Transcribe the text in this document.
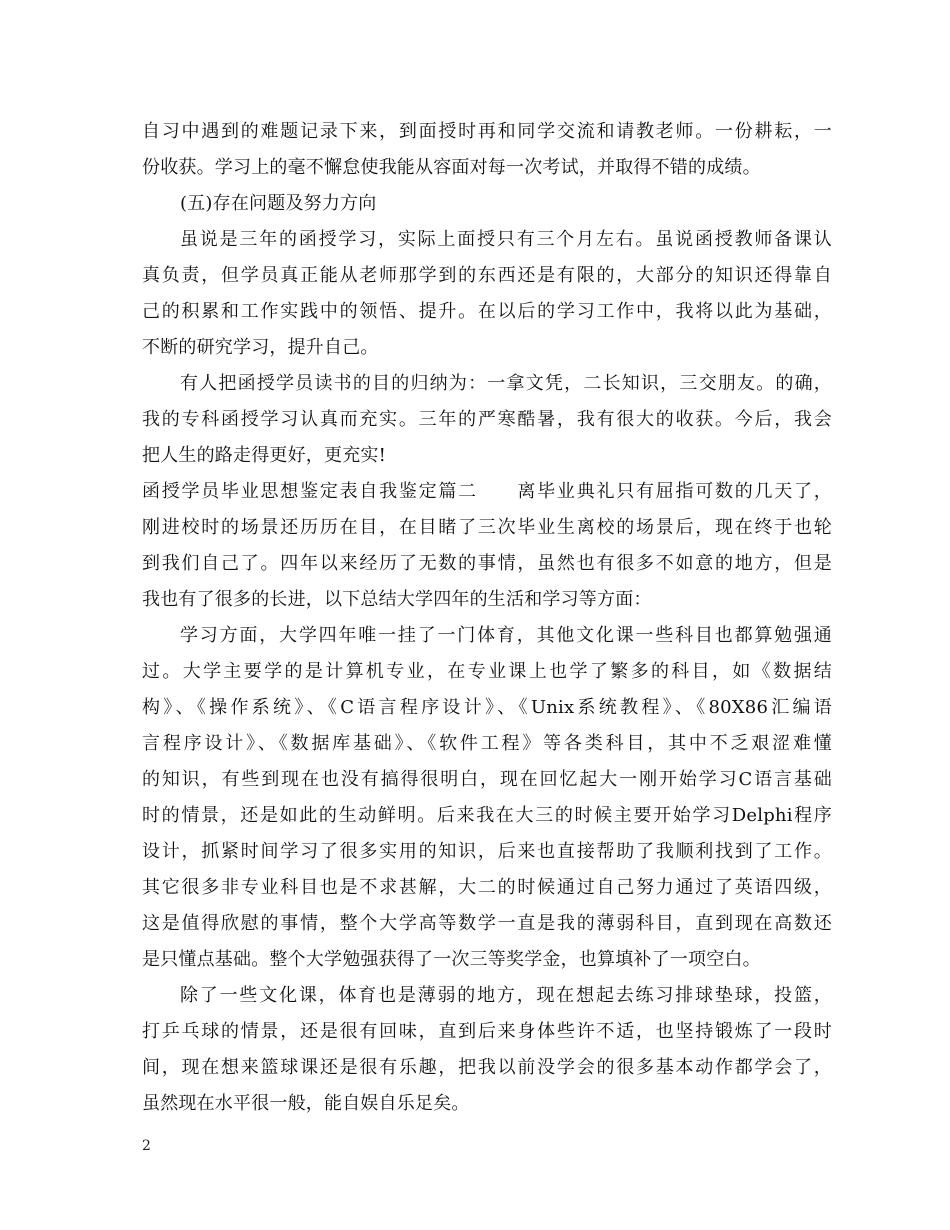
自习中遇到的难题记录下来，到面授时再和同学交流和请教老师。一份耕耘，一
份收获。学习上的毫不懈怠使我能从容面对每一次考试，并取得不错的成绩。
(五)存在问题及努力方向
虽说是三年的函授学习，实际上面授只有三个月左右。虽说函授教师备课认
真负责，但学员真正能从老师那学到的东西还是有限的，大部分的知识还得靠自
己的积累和工作实践中的领悟、提升。在以后的学习工作中，我将以此为基础，
不断的研究学习，提升自己。
有人把函授学员读书的目的归纳为：一拿文凭，二长知识，三交朋友。的确，
我的专科函授学习认真而充实。三年的严寒酷暑，我有很大的收获。今后，我会
把人生的路走得更好，更充实!
函授学员毕业思想鉴定表自我鉴定篇二　　离毕业典礼只有屈指可数的几天了，
刚进校时的场景还历历在目，在目睹了三次毕业生离校的场景后，现在终于也轮
到我们自己了。四年以来经历了无数的事情，虽然也有很多不如意的地方，但是
我也有了很多的长进，以下总结大学四年的生活和学习等方面：
学习方面，大学四年唯一挂了一门体育，其他文化课一些科目也都算勉强通
过。大学主要学的是计算机专业，在专业课上也学了繁多的科目，如《数据结
构》、《操作系统》、《C语言程序设计》、《Unix系统教程》、《80X86汇编语
言程序设计》、《数据库基础》、《软件工程》等各类科目，其中不乏艰涩难懂
的知识，有些到现在也没有搞得很明白，现在回忆起大一刚开始学习C语言基础
时的情景，还是如此的生动鲜明。后来我在大三的时候主要开始学习Delphi程序
设计，抓紧时间学习了很多实用的知识，后来也直接帮助了我顺利找到了工作。
其它很多非专业科目也是不求甚解，大二的时候通过自己努力通过了英语四级，
这是值得欣慰的事情，整个大学高等数学一直是我的薄弱科目，直到现在高数还
是只懂点基础。整个大学勉强获得了一次三等奖学金，也算填补了一项空白。
除了一些文化课，体育也是薄弱的地方，现在想起去练习排球垫球，投篮，
打乒乓球的情景，还是很有回味，直到后来身体些许不适，也坚持锻炼了一段时
间，现在想来篮球课还是很有乐趣，把我以前没学会的很多基本动作都学会了，
虽然现在水平很一般，能自娱自乐足矣。
2
